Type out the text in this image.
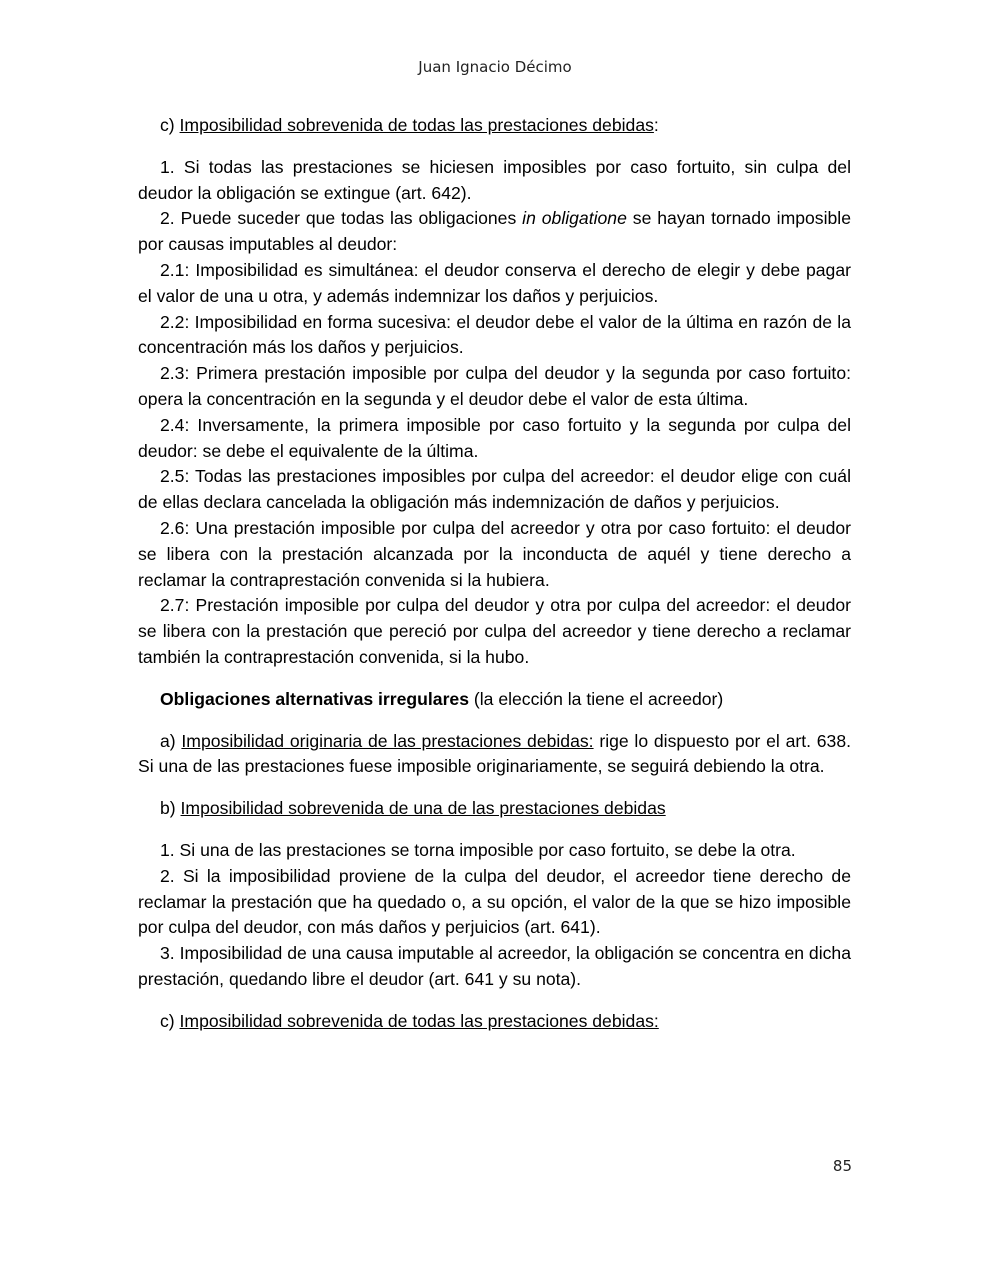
Juan Ignacio Décimo

c) Imposibilidad sobrevenida de todas las prestaciones debidas:

1. Si todas las prestaciones se hiciesen imposibles por caso fortuito, sin culpa del deudor la obligación se extingue (art. 642).

2. Puede suceder que todas las obligaciones in obligatione se hayan tornado imposible por causas imputables al deudor:

2.1: Imposibilidad es simultánea: el deudor conserva el derecho de elegir y debe pagar el valor de una u otra, y además indemnizar los daños y perjuicios.

2.2: Imposibilidad en forma sucesiva: el deudor debe el valor de la última en razón de la concentración más los daños y perjuicios.

2.3: Primera prestación imposible por culpa del deudor y la segunda por caso fortuito: opera la concentración en la segunda y el deudor debe el valor de esta última.

2.4: Inversamente, la primera imposible por caso fortuito y la segunda por culpa del deudor: se debe el equivalente de la última.

2.5: Todas las prestaciones imposibles por culpa del acreedor: el deudor elige con cuál de ellas declara cancelada la obligación más indemnización de daños y perjuicios.

2.6: Una prestación imposible por culpa del acreedor y otra por caso fortuito: el deudor se libera con la prestación alcanzada por la inconducta de aquél y tiene derecho a reclamar la contraprestación convenida si la hubiera.

2.7: Prestación imposible por culpa del deudor y otra por culpa del acreedor: el deudor se libera con la prestación que pereció por culpa del acreedor y tiene derecho a reclamar también la contraprestación convenida, si la hubo.

Obligaciones alternativas irregulares (la elección la tiene el acreedor)

a) Imposibilidad originaria de las prestaciones debidas: rige lo dispuesto por el art. 638. Si una de las prestaciones fuese imposible originariamente, se seguirá debiendo la otra.

b) Imposibilidad sobrevenida de una de las prestaciones debidas

1. Si una de las prestaciones se torna imposible por caso fortuito, se debe la otra.

2. Si la imposibilidad proviene de la culpa del deudor, el acreedor tiene derecho de reclamar la prestación que ha quedado o, a su opción, el valor de la que se hizo imposible por culpa del deudor, con más daños y perjuicios (art. 641).

3. Imposibilidad de una causa imputable al acreedor, la obligación se concentra en dicha prestación, quedando libre el deudor (art. 641 y su nota).

c) Imposibilidad sobrevenida de todas las prestaciones debidas:

85
